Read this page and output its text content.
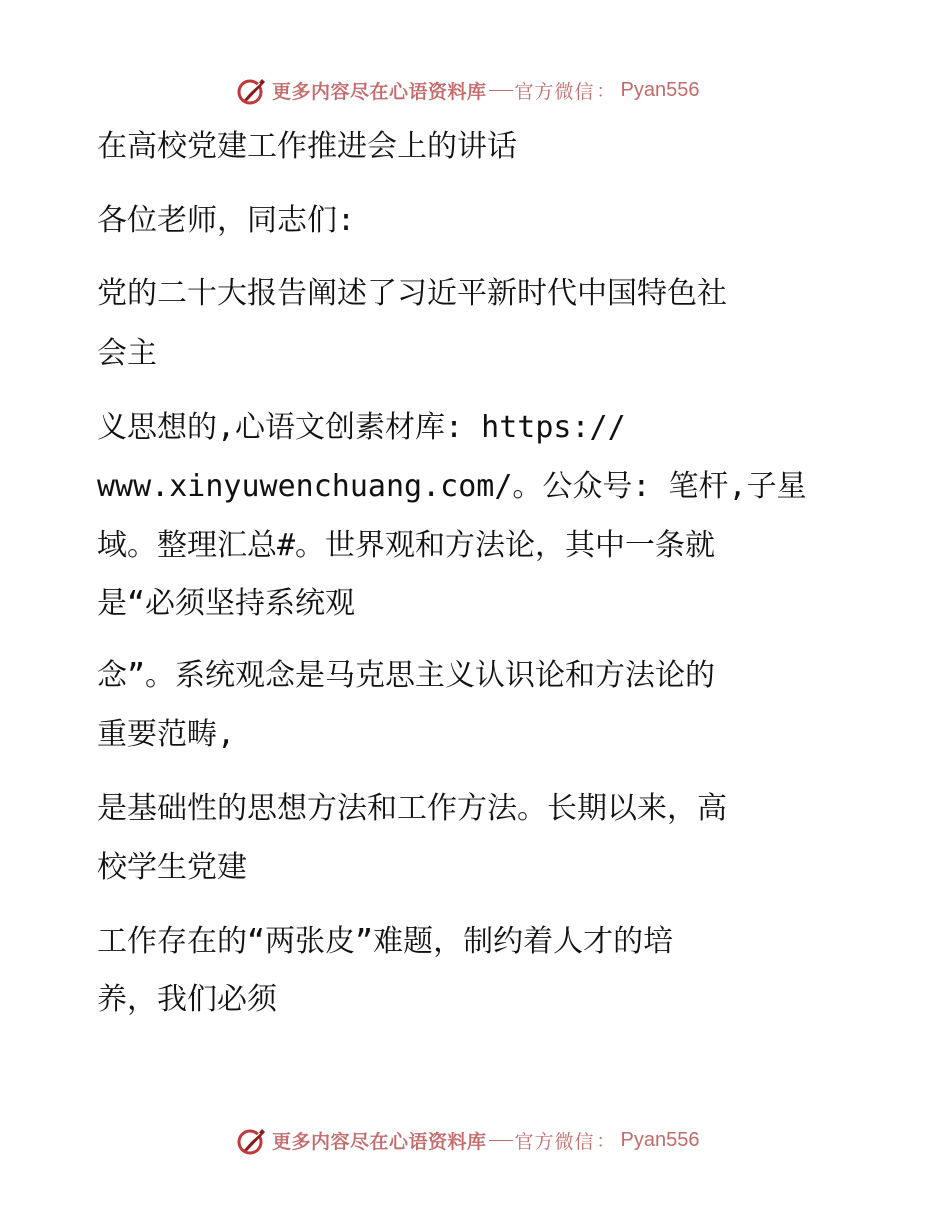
更多内容尽在心语资料库 官方微信 ： Pyan556
在高校党建工作推进会上的讲话
各位老师，同志们:
党的二十大报告阐述了习近平新时代中国特色社
会主
义思想的,心语文创素材库: https://
www.xinyuwenchuang.com/。公众号: 笔杆,子星
域。整理汇总#。世界观和方法论，其中一条就
是“必须坚持系统观
念”。系统观念是马克思主义认识论和方法论的
重要范畴,
是基础性的思想方法和工作方法。长期以来，高
校学生党建
工作存在的“两张皮”难题，制约着人才的培
养，我们必须
更多内容尽在心语资料库 官方微信 ： Pyan556
